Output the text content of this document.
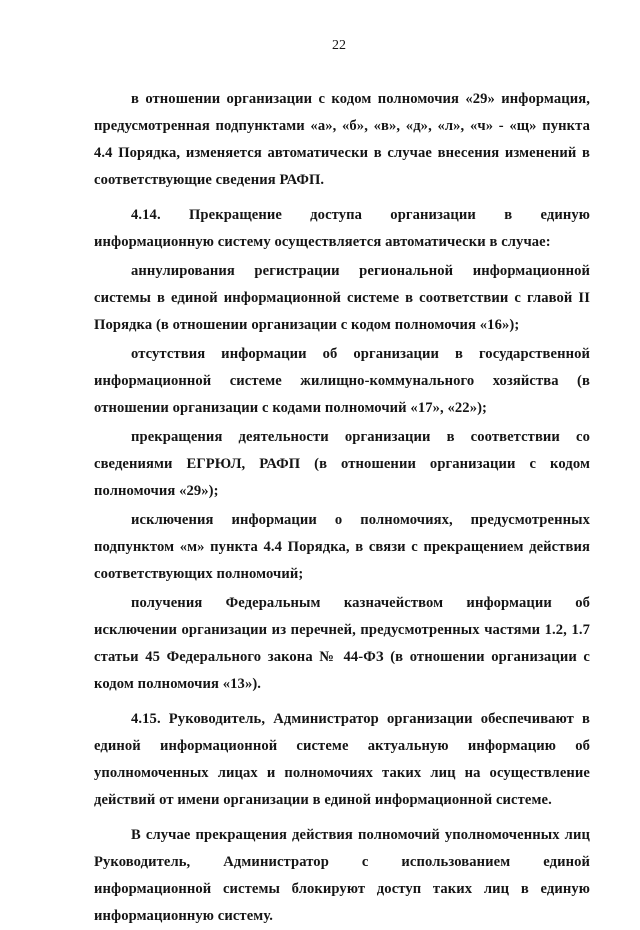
22

в отношении организации с кодом полномочия «29» информация, предусмотренная подпунктами «а», «б», «в», «д», «л», «ч» - «щ» пункта 4.4 Порядка, изменяется автоматически в случае внесения изменений в соответствующие сведения РАФП.

4.14. Прекращение доступа организации в единую информационную систему осуществляется автоматически в случае:

аннулирования регистрации региональной информационной системы в единой информационной системе в соответствии с главой II Порядка (в отношении организации с кодом полномочия «16»);

отсутствия информации об организации в государственной информационной системе жилищно-коммунального хозяйства (в отношении организации с кодами полномочий «17», «22»);

прекращения деятельности организации в соответствии со сведениями ЕГРЮЛ, РАФП (в отношении организации с кодом полномочия «29»);

исключения информации о полномочиях, предусмотренных подпунктом «м» пункта 4.4 Порядка, в связи с прекращением действия соответствующих полномочий;

получения Федеральным казначейством информации об исключении организации из перечней, предусмотренных частями 1.2, 1.7 статьи 45 Федерального закона № 44-ФЗ (в отношении организации с кодом полномочия «13»).

4.15. Руководитель, Администратор организации обеспечивают в единой информационной системе актуальную информацию об уполномоченных лицах и полномочиях таких лиц на осуществление действий от имени организации в единой информационной системе.

В случае прекращения действия полномочий уполномоченных лиц Руководитель, Администратор с использованием единой информационной системы блокируют доступ таких лиц в единую информационную систему.
